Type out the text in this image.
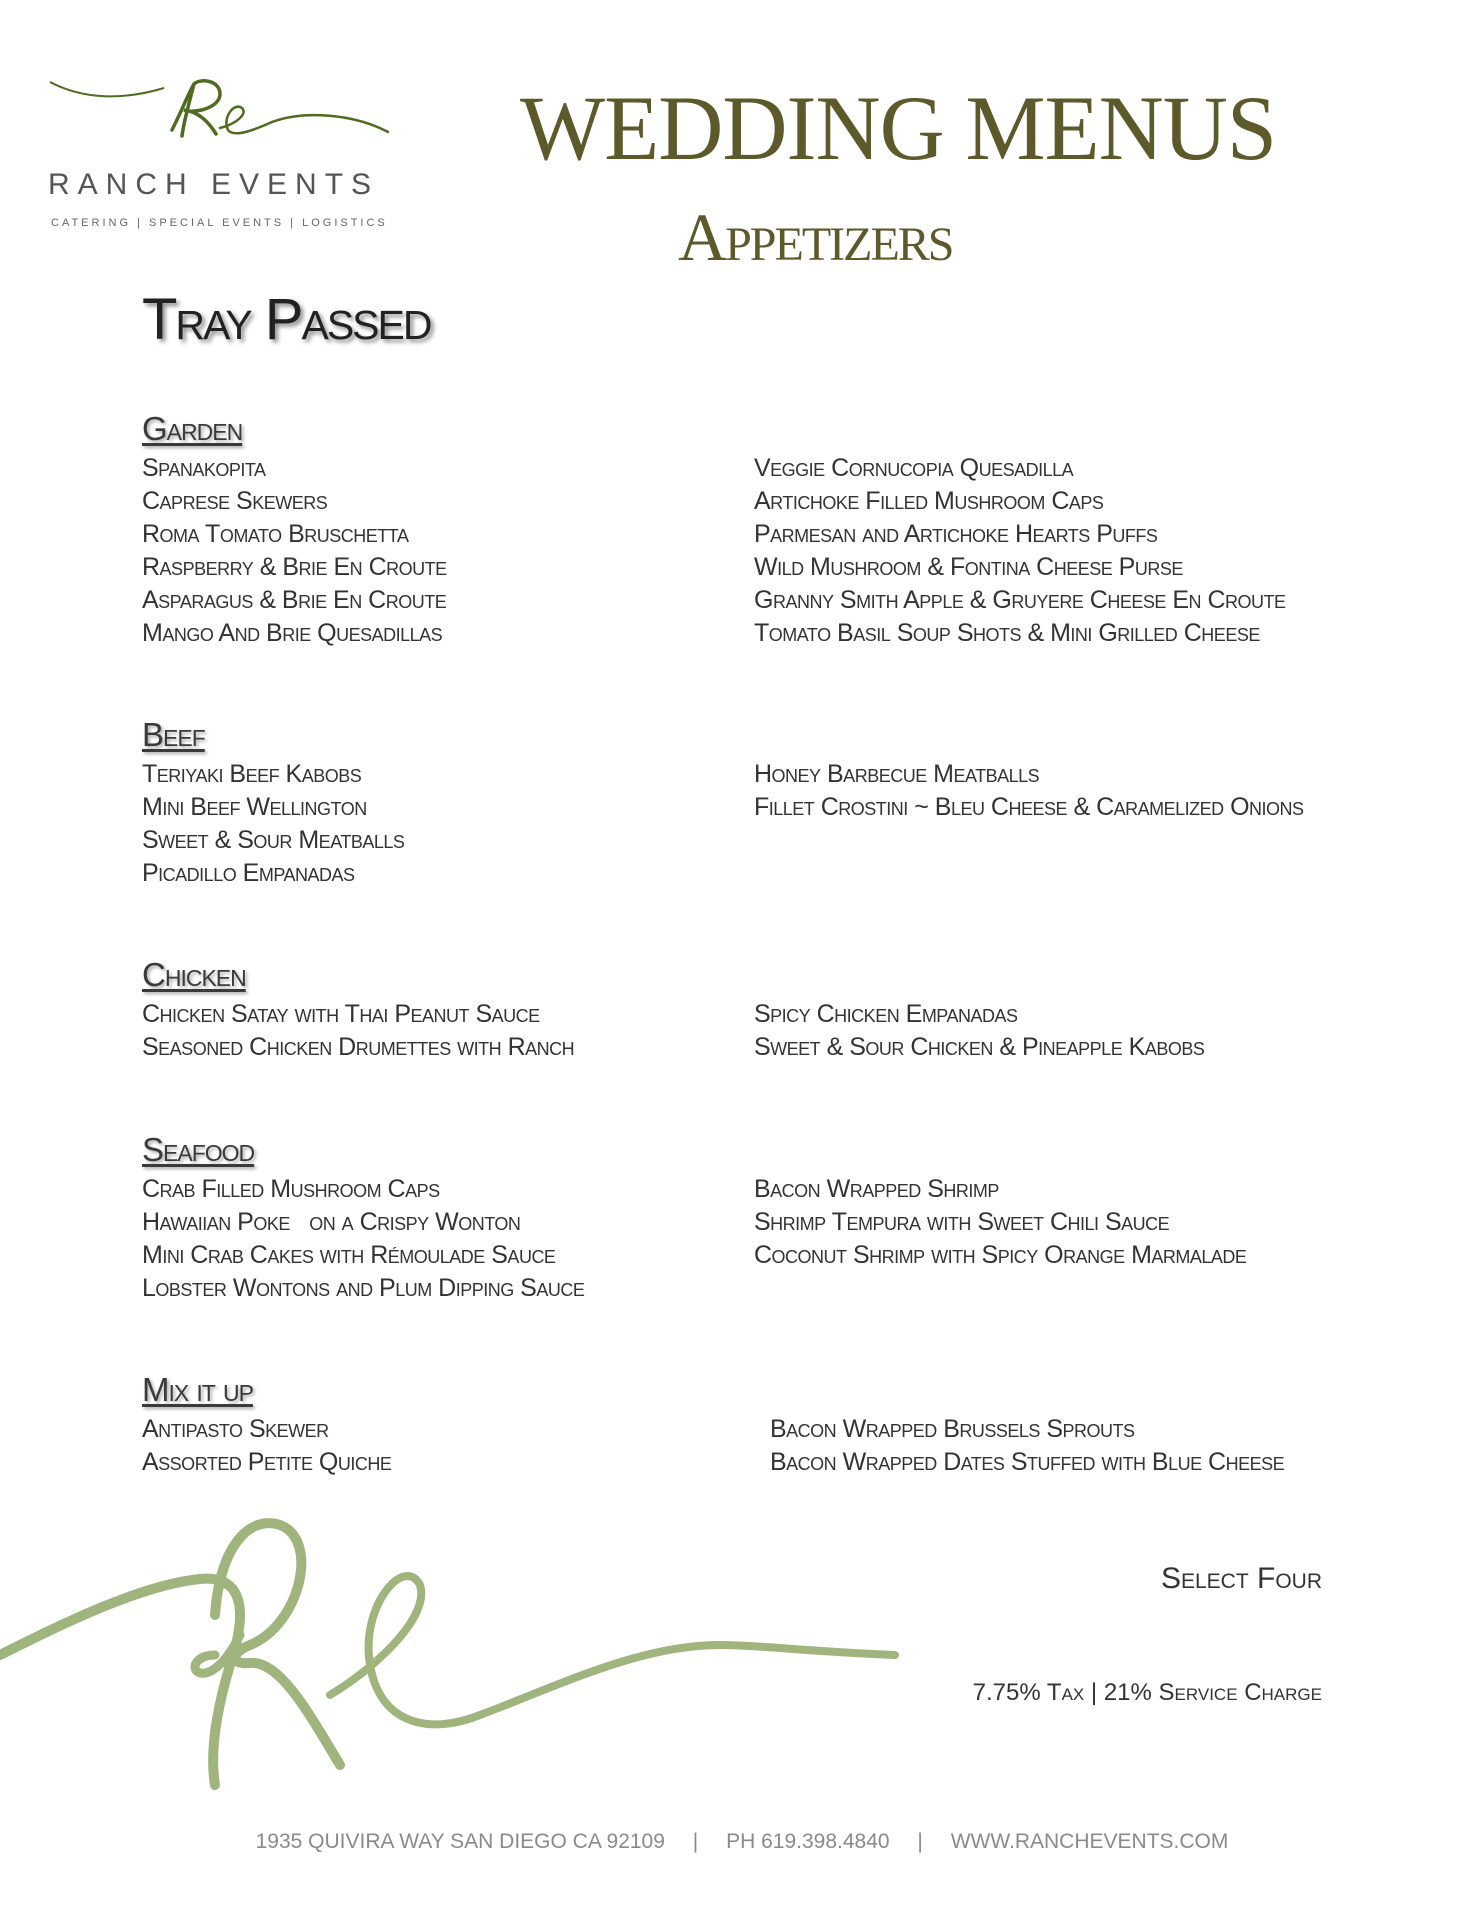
RANCH EVENTS
CATERING | SPECIAL EVENTS | LOGISTICS
WEDDING MENUS
Appetizers
Tray Passed
Garden
Spanakopita
Caprese Skewers
Roma Tomato Bruschetta
Raspberry & Brie En Croute
Asparagus & Brie En Croute
Mango And Brie Quesadillas
Veggie Cornucopia Quesadilla
Artichoke Filled Mushroom Caps
Parmesan and Artichoke Hearts Puffs
Wild Mushroom & Fontina Cheese Purse
Granny Smith Apple & Gruyere Cheese En Croute
Tomato Basil Soup Shots & Mini Grilled Cheese
Beef
Teriyaki Beef Kabobs
Mini Beef Wellington
Sweet & Sour Meatballs
Picadillo Empanadas
Honey Barbecue Meatballs
Fillet Crostini ~ Bleu Cheese & Caramelized Onions
Chicken
Chicken Satay with Thai Peanut Sauce
Seasoned Chicken Drumettes with Ranch
Spicy Chicken Empanadas
Sweet & Sour Chicken & Pineapple Kabobs
Seafood
Crab Filled Mushroom Caps
Hawaiian Poke   on a Crispy Wonton
Mini Crab Cakes with Rémoulade Sauce
Lobster Wontons and Plum Dipping Sauce
Bacon Wrapped Shrimp
Shrimp Tempura with Sweet Chili Sauce
Coconut Shrimp with Spicy Orange Marmalade
Mix it up
Antipasto Skewer
Assorted Petite Quiche
Bacon Wrapped Brussels Sprouts
Bacon Wrapped Dates Stuffed with Blue Cheese
Select Four
7.75% Tax | 21% Service Charge
1935 QUIVIRA WAY SAN DIEGO CA 92109 | PH 619.398.4840 | WWW.RANCHEVENTS.COM
